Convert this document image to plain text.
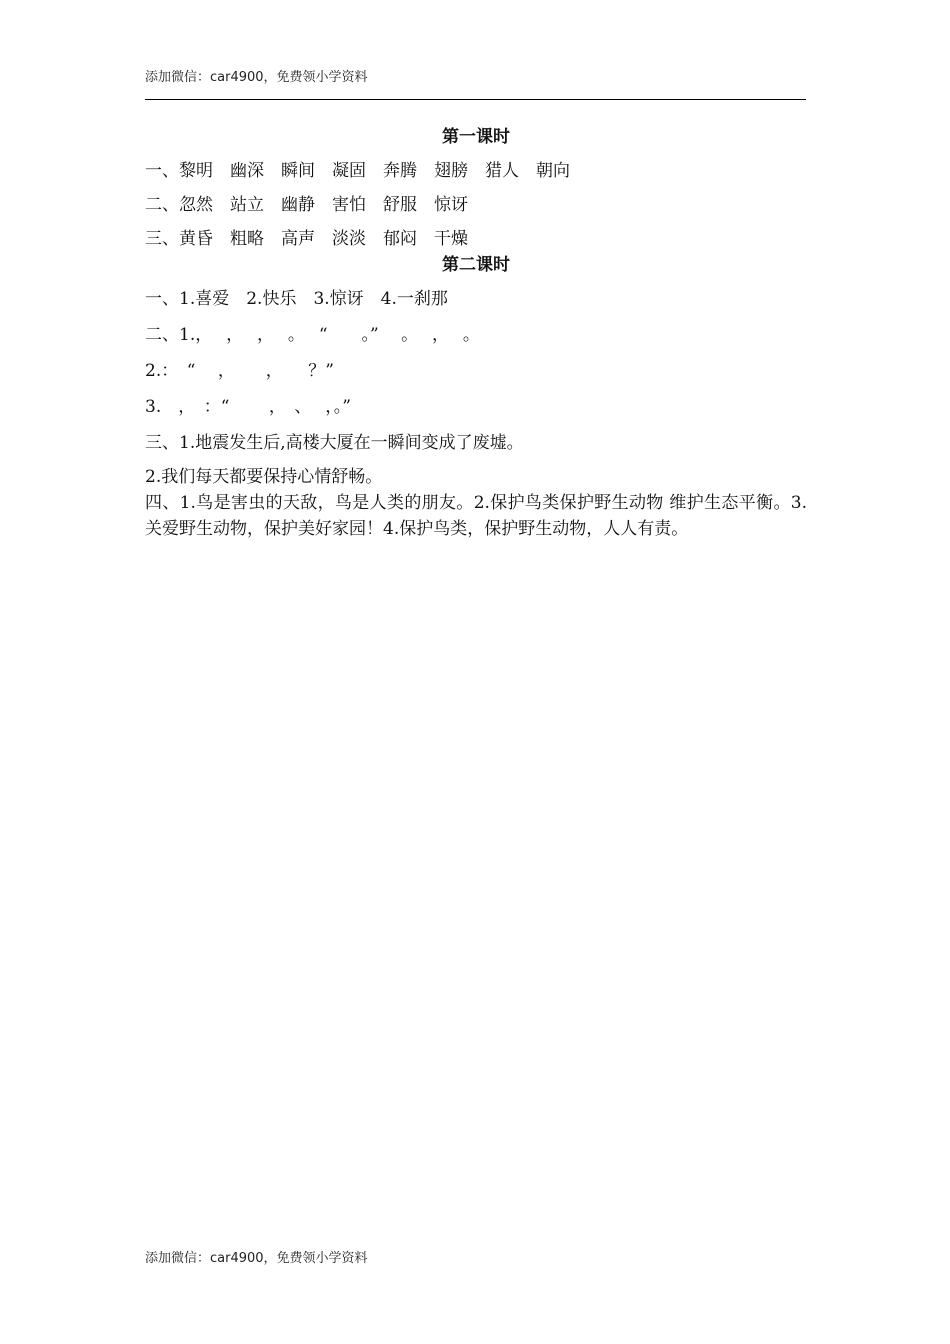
添加微信：car4900，免费领小学资料
第一课时
一、黎明　幽深　瞬间　凝固　奔腾　翅膀　猎人　朝向
二、忽然　站立　幽静　害怕　舒服　惊讶
三、黄昏　粗略　高声　淡淡　郁闷　干燥
第二课时
一、1.喜爱　2.快乐　3.惊讶　4.一刹那
二、1.，　 ，　 ，　 。　 “　　。”　 。　 ，　 。
2.：　“　 ，　　 ，　　？”
3.　，　：“　 　，　、　 ，。”
三、1.地震发生后,高楼大厦在一瞬间变成了废墟。
2.我们每天都要保持心情舒畅。
四、1.鸟是害虫的天敌，鸟是人类的朋友。2.保护鸟类保护野生动物 维护生态平衡。3.关爱野生动物，保护美好家园！4.保护鸟类，保护野生动物，人人有责。
添加微信：car4900，免费领小学资料
